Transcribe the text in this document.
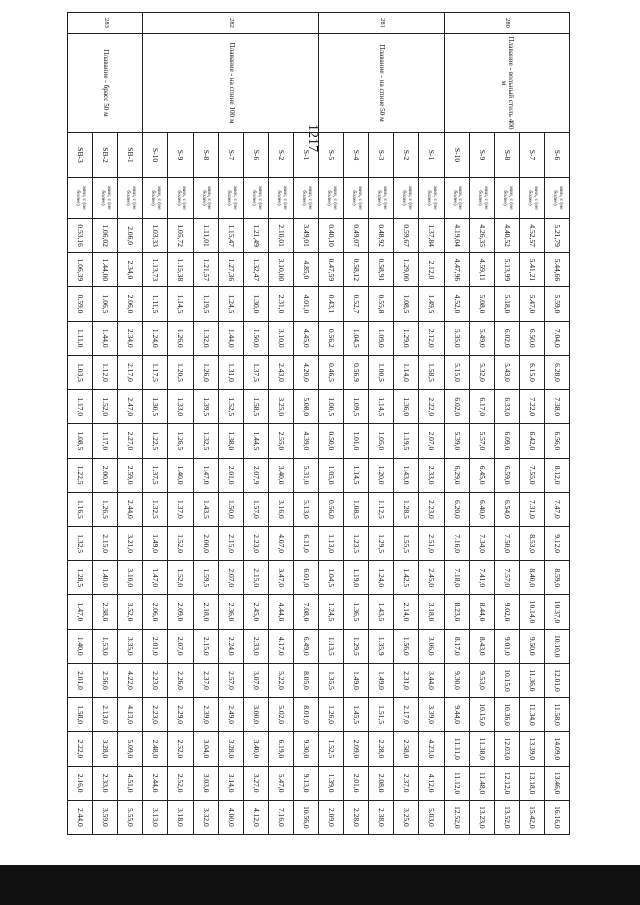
1217
280	Плавание - вольный стиль 400 м	S-6	мин, с (не более)	5.21,79	5.44,66	5.59,0	7.04,0	6.28,0	7.38,0	6.56,0	8.12,0	7.47,0	9.12,0	8.59,0	10.37,0	10.10,0	12.01,0	11.58,0	14.09,0	13.46,0	16.16,0
		S-7	мин, с (не более)	4.52,57	5.41,21	5.47,0	6.50,0	6.15,0	7.22,0	6.42,0	7.55,0	7.31,0	8.53,0	8.40,0	10.14,0	9.50,0	11.36,0	11.34,0	13.39,0	13.18,0	15.42,0
		S-8	мин, с (не более)	4.40,52	5.13,99	5.18,0	6.02,0	5.43,0	6.33,0	6.09,0	6.59,0	6.54,0	7.50,0	7.57,0	9.02,0	9.01,0	10.15,0	10.36,0	12.03,0	12.12,0	13.52,0
		S-9	мин, с (не более)	4.26,35	4.59,11	5.08,0	5.49,0	5.32,0	6.17,0	5.57,0	6.45,0	6.40,0	7.34,0	7.41,0	8.44,0	8.43,0	9.53,0	10.15,0	11.38,0	11.48,0	13.23,0
		S-10	мин, с (не более)	4.19,04	4.47,96	4.52,0	5.35,0	5.15,0	6.02,0	5.39,0	6.29,0	6.20,0	7.16,0	7.18,0	8.23,0	8.17,0	9.30,0	9.44,0	11.11,0	11.12,0	12.52,0
281	Плавание - на спине 50 м	S-1	мин, с (не более)	1.37,84	2.12,0	1.49,5	2.12,0	1.58,5	2.22,0	2.07,0	2.33,0	2.23,0	2.51,0	2.45,0	3.18,0	3.06,0	3.44,0	3.39,0	4.23,0	4.12,0	5.03,0
		S-2	мин, с (не более)	0.59,67	1.29,00	1.08,5	1.29,0	1.14,0	1.36,0	1.19,5	1.43,0	1.28,5	1.55,5	1.42,5	2.14,0	1.56,0	2.31,0	2.17,0	2.58,0	2.37,0	3.25,0
		S-3	мин, с (не более)	0.48,92	0.58,91	0.55,8	1.09,0	1.00,5	1.14,5	1.05,0	1.20,0	1.12,5	1.29,5	1.24,0	1.43,5	1.35,9	1.49,0	1.51,5	2.28,0	2.08,0	2.38,0
		S-4	мин, с (не более)	0.49,07	0.58,12	0.52,7	1.04,5	0.56,9	1.09,5	1.01,0	1.14,5	1.08,5	1.23,5	1.19,0	1.36,5	1.29,5	1.49,0	1.45,5	2.09,0	2.01,0	2.28,0
		S-5	мин, с (не более)	0.40,10	0.47,59	0.43,1	0.56,2	0.46,5	1.00,5	0.50,0	1.05,0	0.56,0	1.13,0	1.04,5	1.24,5	1.13,5	1.35,5	1.26,0	1.52,5	1.39,0	2.09,0
282	Плавание - на спине 100 м	S-1	мин, с (не более)	3.49,01	4.85,0	4.01,0	4.45,0	4.20,0	5.08,0	4.39,0	5.31,0	5.13,0	6.11,0	6.01,0	7.08,0	6.49,0	8.05,0	8.01,0	9.30,0	9.13,0	10.56,0
		S-2	мин, с (не более)	2.10,01	3.10,00	2.31,0	3.10,0	2.43,0	3.25,0	2.55,0	3.40,0	3.16,0	4.07,0	3.47,0	4.44,0	4.17,0	5.22,0	5.02,0	6.19,0	5.47,0	7.16,0
		S-6	мин, с (не более)	1.21,49	1.32,47	1.30,0	1.50,0	1.37,5	1.58,5	1.44,5	2.07,9	1.57,0	2.23,0	2.15,0	2.45,0	2.33,0	3.07,0	3.00,0	3.40,0	3.27,0	4.12,0
		S-7	мин, с (не более)	1.15,47	1.27,36	1.24,5	1.44,0	1.31,0	1.52,5	1.38,0	2.01,0	1.50,0	2.15,0	2.07,0	2.36,0	2.24,0	2.57,0	2.49,0	3.28,0	3.14,0	4.00,0
		S-8	мин, с (не более)	1.11,01	1.21,57	1.19,5	1.32,0	1.26,0	1.39,5	1.32,5	1.47,0	1.43,5	2.00,0	1.59,5	2.18,0	2.15,0	2.37,0	2.39,0	3.04,0	3.03,0	3.32,0
		S-9	мин, с (не более)	1.05,72	1.15,38	1.14,5	1.26,0	1.20,5	1.33,0	1.26,5	1.40,0	1.37,0	1.52,0	1.52,0	2.09,0	2.07,0	2.26,0	2.29,0	2.52,0	2.52,0	3.18,0
		S-10	мин, с (не более)	1.03,33	1.13,73	1.11,5	1.24,0	1.17,5	1.30,5	1.22,5	1.37,5	1.32,5	1.49,0	1.47,0	2.06,0	2.01,0	2.23,0	2.23,0	2.48,0	2.44,0	3.13,0
283	Плавание - брасс 50 м	SB-1	мин, с (не более)	2.06,0	2.34,0	2.06,0	2.34,0	2.17,0	2.47,0	2.27,0	2.59,0	2.44,0	3.21,0	3.10,0	3.52,0	3.35,0	4.22,0	4.13,0	5.09,0	4.51,0	5.55,0
		SB-2	мин, с (не более)	1.06,02	1.44,00	1.06,5	1.44,0	1.12,0	1.52,0	1.17,0	2.00,0	1.26,5	2.15,0	1.40,0	2.38,0	1.53,0	2.56,0	2.13,0	3.28,0	2.33,0	3.59,0
		SB-3	мин, с (не более)	0.53,16	1.06,39	0.59,0	1.11,0	1.03,5	1.17,0	1.08,5	1.22,5	1.16,5	1.32,5	1.28,5	1.47,0	1.40,0	2.01,0	1.58,0	2.22,0	2.16,0	2.44,0
